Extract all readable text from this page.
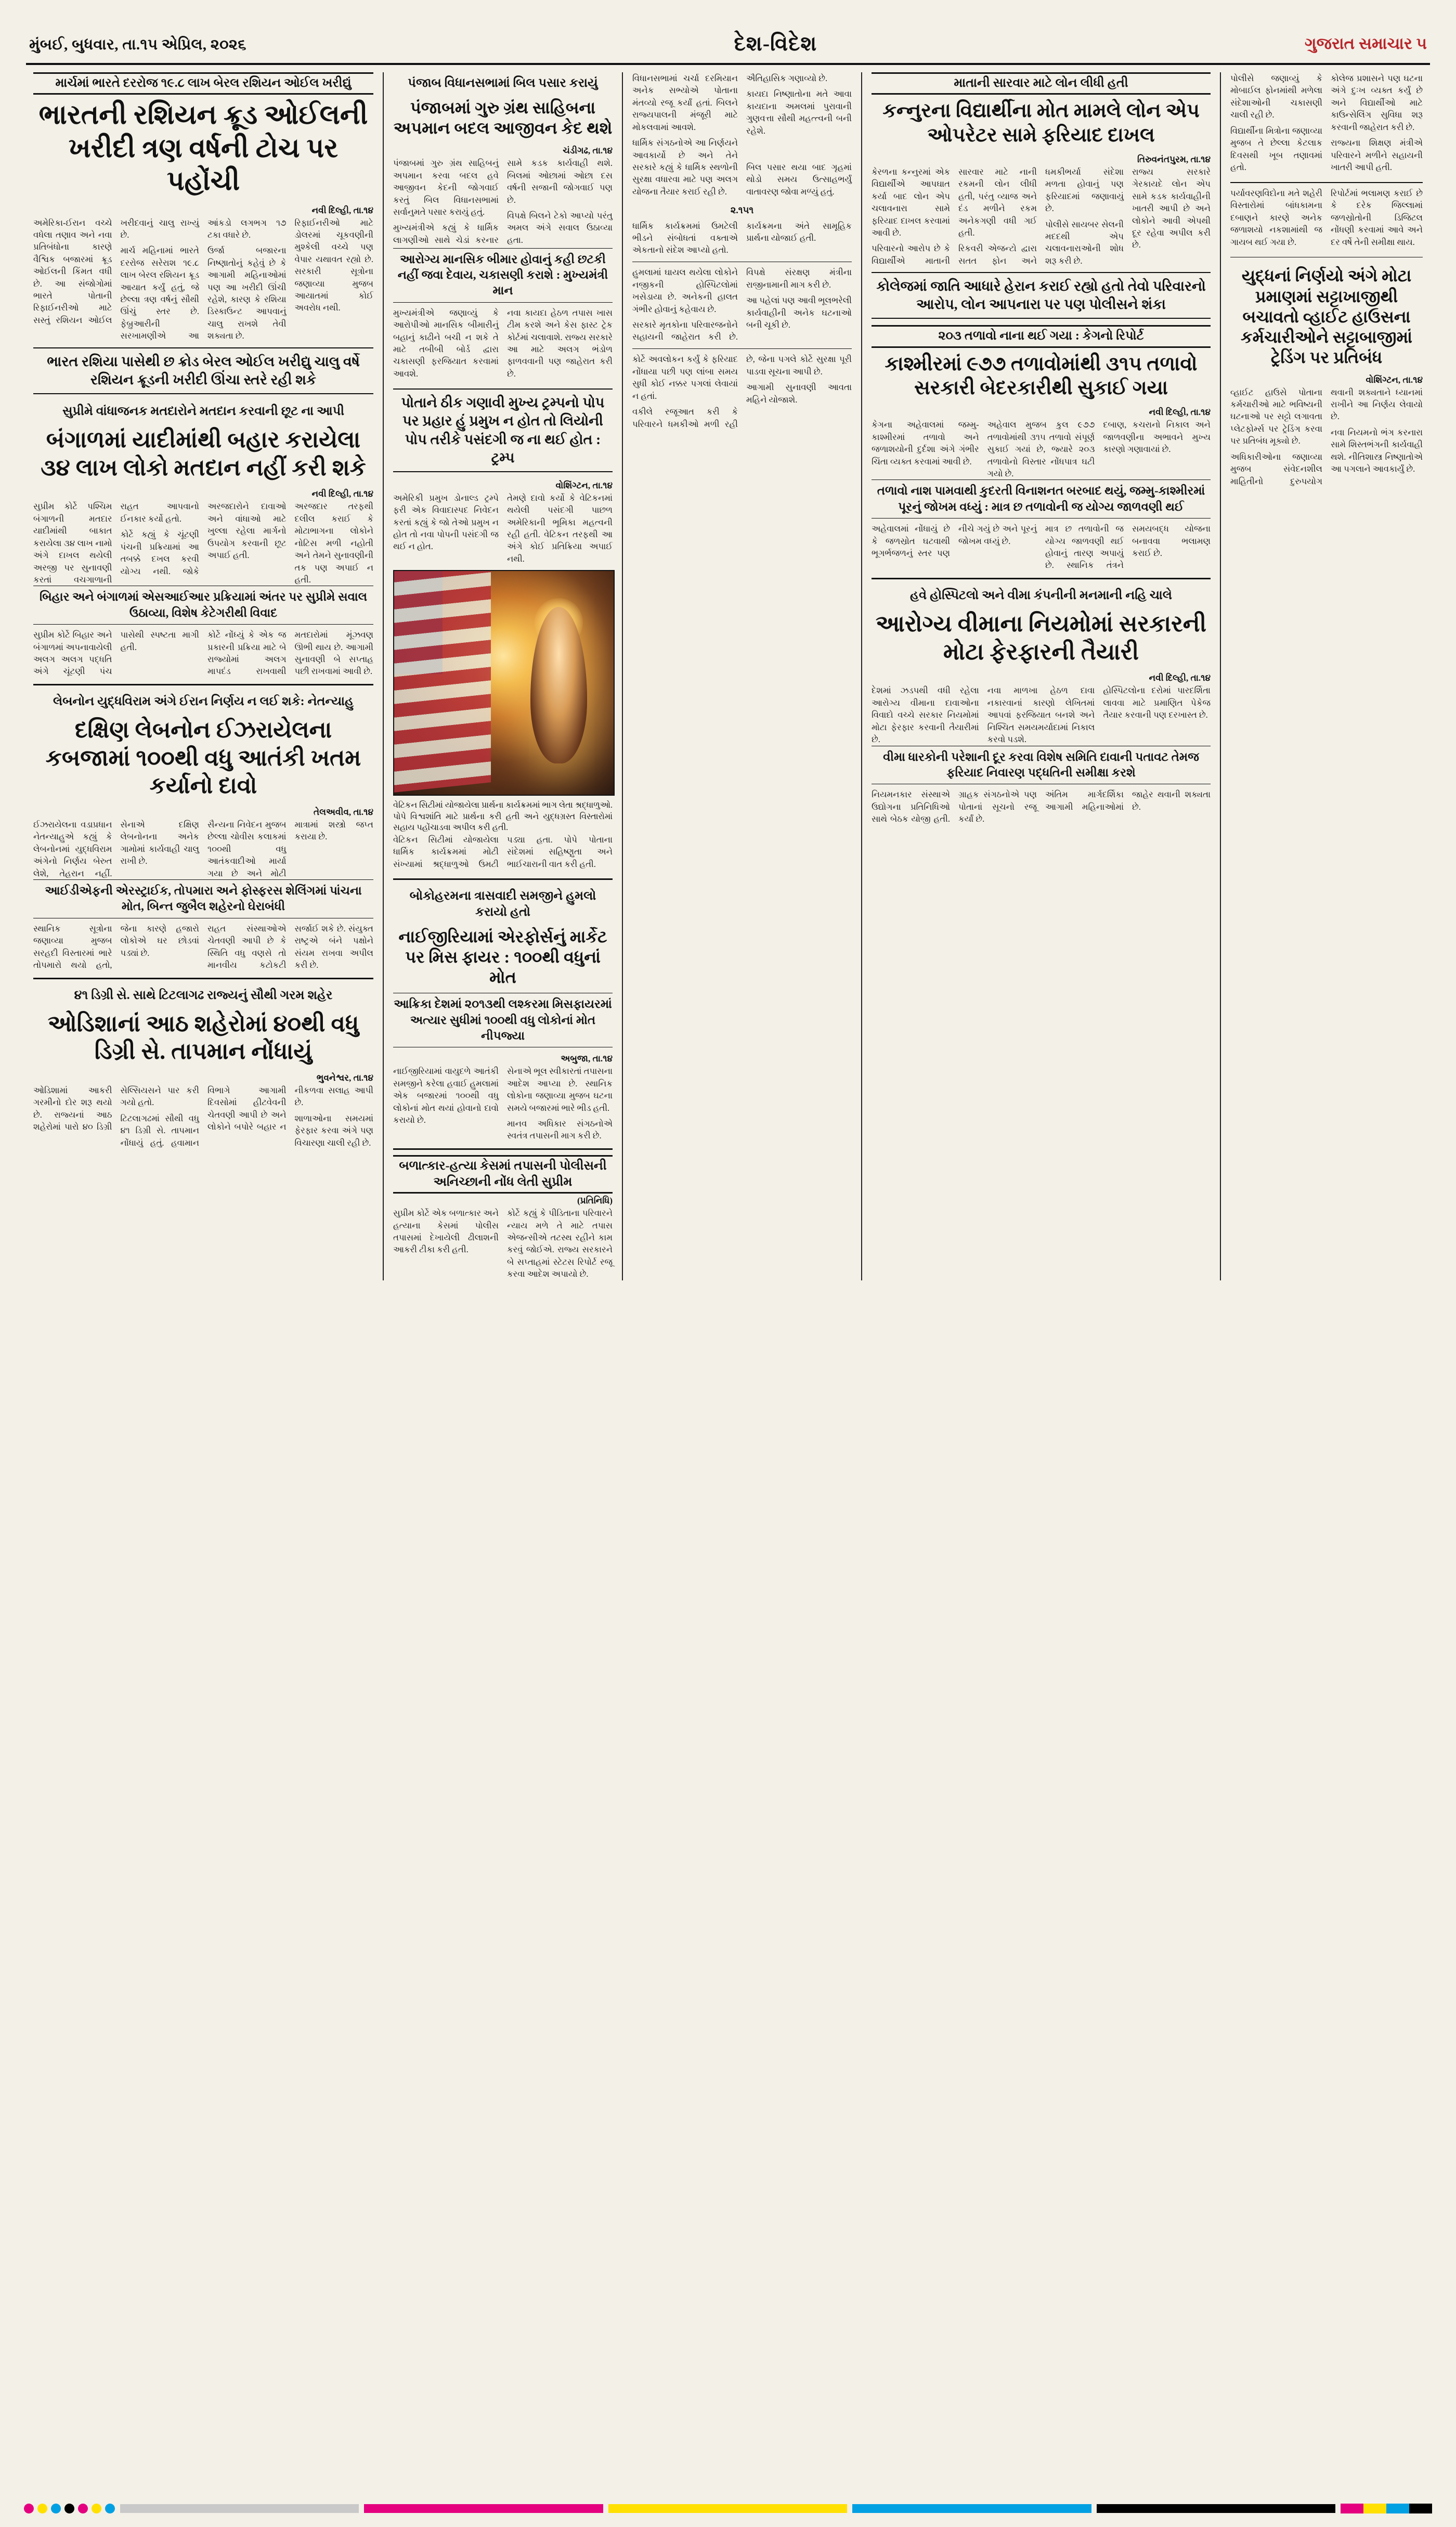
મુંબઈ, બુધવાર, તા.૧૫ એપ્રિલ, ૨૦૨૬	દેશ-વિદેશ	ગુજરાત સમાચાર ૫
માર્ચમાં ભારતે દરરોજ ૧૯.૮ લાખ બેરલ રશિયન ઓઈલ ખરીદ્યું
ભારતની રશિયન ક્રૂડ ઓઈલની ખરીદી ત્રણ વર્ષની ટોચ પર પહોંચી
નવી દિલ્હી, તા.૧૪

અમેરિકા-ઈરાન વચ્ચે વધેલા તણાવ અને નવા પ્રતિબંધોના કારણે વૈશ્વિક બજારમાં ક્રૂડ ઓઈલની કિંમત વધી છે. આ સંજોગોમાં ભારતે પોતાની રિફાઈનરીઓ માટે સસ્તું રશિયન ઓઈલ ખરીદવાનું ચાલુ રાખ્યું છે.

માર્ચ મહિનામાં ભારતે દરરોજ સરેરાશ ૧૯.૮ લાખ બેરલ રશિયન ક્રૂડ આયાત કર્યું હતું, જે છેલ્લા ત્રણ વર્ષનું સૌથી ઊંચું સ્તર છે. ફેબ્રુઆરીની સરખામણીએ આ આંકડો લગભગ ૧૭ ટકા વધારે છે.

ઉર્જા બજારના નિષ્ણાતોનું કહેવું છે કે આગામી મહિનાઓમાં પણ આ ખરીદી ઊંચી રહેશે, કારણ કે રશિયા ડિસ્કાઉન્ટ આપવાનું ચાલુ રાખશે તેવી શક્યતા છે.

રિફાઈનરીઓ માટે ડોલરમાં ચૂકવણીની મુશ્કેલી વચ્ચે પણ વેપાર યથાવત રહ્યો છે. સરકારી સૂત્રોના જણાવ્યા મુજબ આયાતમાં કોઈ અવરોધ નથી.

ભારત રશિયા પાસેથી છ ક્રોડ બેરલ ઓઈલ ખરીદ્યુ ચાલુ વર્ષે રશિયન ક્રૂડની ખરીદી ઊંચા સ્તરે રહી શકે
સુપ્રીમે વાંધાજનક મતદારોને મતદાન કરવાની છૂટ ના આપી
બંગાળમાં યાદીમાંથી બહાર કરાયેલા ૩૪ લાખ લોકો મતદાન નહીં કરી શકે
નવી દિલ્હી, તા.૧૪

સુપ્રીમ કોર્ટે પશ્ચિમ બંગાળની મતદાર યાદીમાંથી બાકાત કરાયેલા ૩૪ લાખ નામો અંગે દાખલ થયેલી અરજી પર સુનાવણી કરતાં વચગાળાની રાહત આપવાનો ઈનકાર કર્યો હતો.

કોર્ટે કહ્યું કે ચૂંટણી પંચની પ્રક્રિયામાં આ તબક્કે દખલ કરવી યોગ્ય નથી. જોકે અરજદારોને દાવાઓ અને વાંધાઓ માટે ખુલ્લા રહેલા માર્ગનો ઉપયોગ કરવાની છૂટ અપાઈ હતી.

અરજદાર તરફથી દલીલ કરાઈ કે મોટાભાગના લોકોને નોટિસ મળી નહોતી અને તેમને સુનાવણીની તક પણ અપાઈ ન હતી.

બિહાર અને બંગાળમાં એસઆઈઆર પ્રક્રિયામાં અંતર પર સુપ્રીમે સવાલ ઉઠાવ્યા, વિશેષ કેટેગરીથી વિવાદ

સુપ્રીમ કોર્ટે બિહાર અને બંગાળમાં અપનાવાયેલી અલગ અલગ પદ્ધતિ અંગે ચૂંટણી પંચ પાસેથી સ્પષ્ટતા માગી હતી.

કોર્ટે નોંધ્યું કે એક જ પ્રકારની પ્રક્રિયા માટે બે રાજ્યોમાં અલગ માપદંડ રાખવાથી મતદારોમાં મૂંઝવણ ઊભી થાય છે. આગામી સુનાવણી બે સપ્તાહ પછી રાખવામાં આવી છે.

લેબનોન યુદ્ધવિરામ અંગે ઈરાન નિર્ણય ન લઈ શકે: નેતન્યાહુ
દક્ષિણ લેબનોન ઈઝરાયેલના કબજામાં ૧૦૦થી વધુ આતંકી ખતમ કર્યાનો દાવો
તેલઅવીવ, તા.૧૪

ઈઝરાયેલના વડાપ્રધાન નેતન્યાહુએ કહ્યું કે લેબનોનમાં યુદ્ધવિરામ અંગેનો નિર્ણય બેરુત લેશે, તેહરાન નહીં. સેનાએ દક્ષિણ લેબનોનના અનેક ગામોમાં કાર્યવાહી ચાલુ રાખી છે.

સૈન્યના નિવેદન મુજબ છેલ્લા ચોવીસ કલાકમાં ૧૦૦થી વધુ આતંકવાદીઓ માર્યા ગયા છે અને મોટી માત્રામાં શસ્ત્રો જપ્ત કરાયા છે.

આઈડીએફની એરસ્ટ્રાઈક, તોપમારા અને ફોસ્ફરસ શેલિંગમાં પાંચના મોત, બિન્ત જુબૈલ શહેરનો ઘેરાબંધી

સ્થાનિક સૂત્રોના જણાવ્યા મુજબ સરહદી વિસ્તારમાં ભારે તોપમારો થયો હતો, જેના કારણે હજારો લોકોએ ઘર છોડવાં પડ્યાં છે.

રાહત સંસ્થાઓએ ચેતવણી આપી છે કે સ્થિતિ વધુ વણસે તો માનવીય કટોકટી સર્જાઈ શકે છે. સંયુક્ત રાષ્ટ્રએ બંને પક્ષોને સંયમ રાખવા અપીલ કરી છે.

૪૧ ડિગ્રી સે. સાથે ટિટલાગઢ રાજ્યનું સૌથી ગરમ શહેર
ઓડિશાનાં આઠ શહેરોમાં ૪૦થી વધુ ડિગ્રી સે. તાપમાન નોંધાયું
ભુવનેશ્વર, તા.૧૪

ઓડિશામાં આકરી ગરમીનો દોર શરૂ થયો છે. રાજ્યનાં આઠ શહેરોમાં પારો ૪૦ ડિગ્રી સેલ્સિયસને પાર કરી ગયો હતો.

ટિટલાગઢમાં સૌથી વધુ ૪૧ ડિગ્રી સે. તાપમાન નોંધાયું હતું. હવામાન વિભાગે આગામી દિવસોમાં હીટવેવની ચેતવણી આપી છે અને લોકોને બપોરે બહાર ન નીકળવા સલાહ આપી છે.

શાળાઓના સમયમાં ફેરફાર કરવા અંગે પણ વિચારણા ચાલી રહી છે.

પંજાબ વિધાનસભામાં બિલ પસાર કરાયું
પંજાબમાં ગુરુ ગ્રંથ સાહિબના અપમાન બદલ આજીવન કેદ થશે
ચંડીગઢ, તા.૧૪

પંજાબમાં ગુરુ ગ્રંથ સાહિબનું અપમાન કરવા બદલ હવે આજીવન કેદની જોગવાઈ કરતું બિલ વિધાનસભામાં સર્વાનુમતે પસાર કરાયું હતું.

મુખ્યમંત્રીએ કહ્યું કે ધાર્મિક લાગણીઓ સાથે ચેડાં કરનાર સામે કડક કાર્યવાહી થશે. બિલમાં ઓછામાં ઓછા દસ વર્ષની સજાની જોગવાઈ પણ છે.

વિપક્ષે બિલને ટેકો આપ્યો પરંતુ અમલ અંગે સવાલ ઉઠાવ્યા હતા.

આરોગ્ય માનસિક બીમાર હોવાનું કહી છટકી નહીં જવા દેવાય, ચકાસણી કરાશે : મુખ્યમંત્રી માન

મુખ્યમંત્રીએ જણાવ્યું કે આરોપીઓ માનસિક બીમારીનું બહાનું કાઢીને બચી ન શકે તે માટે તબીબી બોર્ડ દ્વારા ચકાસણી ફરજિયાત કરવામાં આવશે.

નવા કાયદા હેઠળ તપાસ ખાસ ટીમ કરશે અને કેસ ફાસ્ટ ટ્રેક કોર્ટમાં ચલાવાશે. રાજ્ય સરકારે આ માટે અલગ ભંડોળ ફાળવવાની પણ જાહેરાત કરી છે.

પોતાને ઠીક ગણાવી મુખ્ય ટ્રમ્પનો પોપ પર પ્રહાર હું પ્રમુખ ન હોત તો લિયોની પોપ તરીકે પસંદગી જ ના થઈ હોત : ટ્રમ્પ
વોશિંગ્ટન, તા.૧૪

અમેરિકી પ્રમુખ ડોનાલ્ડ ટ્રમ્પે ફરી એક વિવાદાસ્પદ નિવેદન કરતાં કહ્યું કે જો તેઓ પ્રમુખ ન હોત તો નવા પોપની પસંદગી જ થઈ ન હોત.

તેમણે દાવો કર્યો કે વેટિકનમાં થયેલી પસંદગી પાછળ અમેરિકાની ભૂમિકા મહત્વની રહી હતી. વેટિકન તરફથી આ અંગે કોઈ પ્રતિક્રિયા અપાઈ નથી.

વેટિકન સિટીમાં યોજાયેલા પ્રાર્થના કાર્યક્રમમાં ભાગ લેતા શ્રદ્ધાળુઓ. પોપે વિશ્વશાંતિ માટે પ્રાર્થના કરી હતી અને યુદ્ધગ્રસ્ત વિસ્તારોમાં સહાય પહોંચાડવા અપીલ કરી હતી.

વેટિકન સિટીમાં યોજાયેલા ધાર્મિક કાર્યક્રમમાં મોટી સંખ્યામાં શ્રદ્ધાળુઓ ઉમટી પડ્યા હતા. પોપે પોતાના સંદેશમાં સહિષ્ણુતા અને ભાઈચારાની વાત કરી હતી.

બોકોહરમના ત્રાસવાદી સમજીને હુમલો કરાયો હતો
નાઈજીરિયામાં એરફોર્સનું માર્કેટ પર મિસ ફાયર : ૧૦૦થી વધુનાં મોત
આક્રિકા દેશમાં ૨૦૧૩થી લશ્કરમા મિસફાયરમાં અત્યાર સુધીમાં ૧૦૦થી વધુ લોકોનાં મોત નીપજ્યા
અબુજા, તા.૧૪

નાઈજીરિયામાં વાયુદળે આતંકી સમજીને કરેલા હવાઈ હુમલામાં એક બજારમાં ૧૦૦થી વધુ લોકોનાં મોત થયાં હોવાનો દાવો કરાયો છે.

સેનાએ ભૂલ સ્વીકારતાં તપાસના આદેશ આપ્યા છે. સ્થાનિક લોકોના જણાવ્યા મુજબ ઘટના સમયે બજારમાં ભારે ભીડ હતી.

માનવ અધિકાર સંગઠનોએ સ્વતંત્ર તપાસની માગ કરી છે.

બળાત્કાર-હત્યા કેસમાં તપાસની પોલીસની અનિચ્છાની નોંધ લેતી સુપ્રીમ
(પ્રતિનિધિ)

સુપ્રીમ કોર્ટે એક બળાત્કાર અને હત્યાના કેસમાં પોલીસ તપાસમાં દેખાયેલી ઢીલાશની આકરી ટીકા કરી હતી.

કોર્ટે કહ્યું કે પીડિતાના પરિવારને ન્યાય મળે તે માટે તપાસ એજન્સીએ તટસ્થ રહીને કામ કરવું જોઈએ. રાજ્ય સરકારને બે સપ્તાહમાં સ્ટેટસ રિપોર્ટ રજૂ કરવા આદેશ અપાયો છે.

વિધાનસભામાં ચર્ચા દરમિયાન અનેક સભ્યોએ પોતાના મંતવ્યો રજૂ કર્યાં હતાં. બિલને રાજ્યપાલની મંજૂરી માટે મોકલવામાં આવશે.

ધાર્મિક સંગઠનોએ આ નિર્ણયને આવકાર્યો છે અને તેને ઐતિહાસિક ગણાવ્યો છે.

કાયદા નિષ્ણાતોના મતે આવા કાયદાના અમલમાં પુરાવાની ગુણવત્તા સૌથી મહત્ત્વની બની રહેશે.

સરકારે કહ્યું કે ધાર્મિક સ્થળોની સુરક્ષા વધારવા માટે પણ અલગ યોજના તૈયાર કરાઈ રહી છે.

બિલ પસાર થયા બાદ ગૃહમાં થોડો સમય ઉત્સાહભર્યું વાતાવરણ જોવા મળ્યું હતું.

૨.૧૫૧

ધાર્મિક કાર્યક્રમમાં ઉમટેલી ભીડને સંબોધતાં વક્તાએ એકતાનો સંદેશ આપ્યો હતો.

કાર્યક્રમના અંતે સામૂહિક પ્રાર્થના યોજાઈ હતી.

હુમલામાં ઘાયલ થયેલા લોકોને નજીકની હોસ્પિટલોમાં ખસેડાયા છે. અનેકની હાલત ગંભીર હોવાનું કહેવાય છે.

સરકારે મૃતકોના પરિવારજનોને સહાયની જાહેરાત કરી છે. વિપક્ષે સંરક્ષણ મંત્રીના રાજીનામાની માગ કરી છે.

આ પહેલાં પણ આવી ભૂલભરેલી કાર્યવાહીની અનેક ઘટનાઓ બની ચૂકી છે.

કોર્ટે અવલોકન કર્યું કે ફરિયાદ નોંધાયા પછી પણ લાંબા સમય સુધી કોઈ નક્કર પગલાં લેવાયાં ન હતાં.

વકીલે રજૂઆત કરી કે પરિવારને ધમકીઓ મળી રહી છે, જેના પગલે કોર્ટે સુરક્ષા પૂરી પાડવા સૂચના આપી છે.

આગામી સુનાવણી આવતા મહિને યોજાશે.

માતાની સારવાર માટે લોન લીધી હતી
કન્નુરના વિદ્યાર્થીના મોત મામલે લોન એપ ઓપરેટર સામે ફરિયાદ દાખલ
તિરુવનંતપુરમ, તા.૧૪

કેરળના કન્નુરમાં એક વિદ્યાર્થીએ આપઘાત કર્યા બાદ લોન એપ ચલાવનારા સામે ફરિયાદ દાખલ કરવામાં આવી છે.

પરિવારનો આરોપ છે કે વિદ્યાર્થીએ માતાની સારવાર માટે નાની રકમની લોન લીધી હતી, પરંતુ વ્યાજ અને દંડ મળીને રકમ અનેકગણી વધી ગઈ હતી.

રિકવરી એજન્ટો દ્વારા સતત ફોન અને ધમકીભર્યા સંદેશા મળતા હોવાનું પણ ફરિયાદમાં જણાવાયું છે.

પોલીસે સાયબર સેલની મદદથી એપ ચલાવનારાઓની શોધ શરૂ કરી છે.

રાજ્ય સરકારે ગેરકાયદે લોન એપ સામે કડક કાર્યવાહીની ખાતરી આપી છે અને લોકોને આવી એપથી દૂર રહેવા અપીલ કરી છે.

કોલેજમાં જાતિ આધારે હેરાન કરાઈ રહ્યો હતો તેવો પરિવારનો આરોપ, લોન આપનારા પર પણ પોલીસને શંકા
૨૦૩ તળાવો નાના થઈ ગયા : કેગનો રિપોર્ટ
કાશ્મીરમાં ૯૭૭ તળાવોમાંથી ૩૧૫ તળાવો સરકારી બેદરકારીથી સુકાઈ ગયા
નવી દિલ્હી, તા.૧૪

કેગના અહેવાલમાં જમ્મુ-કાશ્મીરમાં તળાવો અને જળાશયોની દુર્દશા અંગે ગંભીર ચિંતા વ્યક્ત કરવામાં આવી છે.

અહેવાલ મુજબ કુલ ૯૭૭ તળાવોમાંથી ૩૧૫ તળાવો સંપૂર્ણ સુકાઈ ગયાં છે, જ્યારે ૨૦૩ તળાવોનો વિસ્તાર નોંધપાત્ર ઘટી ગયો છે.

દબાણ, કચરાનો નિકાલ અને જાળવણીના અભાવને મુખ્ય કારણો ગણાવાયાં છે.

તળાવો નાશ પામવાથી કુદરતી વિનાશનત બરબાદ થયું, જમ્મુ-કાશ્મીરમાં પૂરનું જોખમ વધ્યું : માત્ર છ તળાવોની જ યોગ્ય જાળવણી થઈ

અહેવાલમાં નોંધાયું છે કે જળસ્રોત ઘટવાથી ભૂગર્ભજળનું સ્તર પણ નીચે ગયું છે અને પૂરનું જોખમ વધ્યું છે.

માત્ર છ તળાવોની જ યોગ્ય જાળવણી થઈ હોવાનું તારણ અપાયું છે. સ્થાનિક તંત્રને સમયબદ્ધ યોજના બનાવવા ભલામણ કરાઈ છે.

હવે હોસ્પિટલો અને વીમા કંપનીની મનમાની નહિ ચાલે
આરોગ્ય વીમાના નિયમોમાં સરકારની મોટા ફેરફારની તૈયારી
નવી દિલ્હી, તા.૧૪

દેશમાં ઝડપથી વધી રહેલા આરોગ્ય વીમાના દાવાઓના વિવાદો વચ્ચે સરકાર નિયમોમાં મોટા ફેરફાર કરવાની તૈયારીમાં છે.

નવા માળખા હેઠળ દાવા નકારવાનાં કારણો લેખિતમાં આપવાં ફરજિયાત બનશે અને નિશ્ચિત સમયમર્યાદામાં નિકાલ કરવો પડશે.

હોસ્પિટલોના દરોમાં પારદર્શિતા લાવવા માટે પ્રમાણિત પેકેજ તૈયાર કરવાની પણ દરખાસ્ત છે.

વીમા ધારકોની પરેશાની દૂર કરવા વિશેષ સમિતિ દાવાની પતાવટ તેમજ ફરિયાદ નિવારણ પદ્ધતિની સમીક્ષા કરશે

નિયમનકાર સંસ્થાએ ઉદ્યોગના પ્રતિનિધિઓ સાથે બેઠક યોજી હતી. ગ્રાહક સંગઠનોએ પણ પોતાનાં સૂચનો રજૂ કર્યાં છે.

અંતિમ માર્ગદર્શિકા આગામી મહિનાઓમાં જાહેર થવાની શક્યતા છે.

પોલીસે જણાવ્યું કે મોબાઈલ ફોનમાંથી મળેલા સંદેશાઓની ચકાસણી ચાલી રહી છે.

વિદ્યાર્થીના મિત્રોના જણાવ્યા મુજબ તે છેલ્લા કેટલાક દિવસથી ખૂબ તણાવમાં હતો.

કોલેજ પ્રશાસને પણ ઘટના અંગે દુઃખ વ્યક્ત કર્યું છે અને વિદ્યાર્થીઓ માટે કાઉન્સેલિંગ સુવિધા શરૂ કરવાની જાહેરાત કરી છે.

રાજ્યના શિક્ષણ મંત્રીએ પરિવારને મળીને સહાયની ખાતરી આપી હતી.

પર્યાવરણવિદોના મતે શહેરી વિસ્તારોમાં બાંધકામના દબાણને કારણે અનેક જળાશયો નકશામાંથી જ ગાયબ થઈ ગયા છે.

રિપોર્ટમાં ભલામણ કરાઈ છે કે દરેક જિલ્લામાં જળસ્રોતોની ડિજિટલ નોંધણી કરવામાં આવે અને દર વર્ષે તેની સમીક્ષા થાય.

યુદ્ધનાં નિર્ણયો અંગે મોટા પ્રમાણમાં સટ્ટાખાજીથી બચાવતો વ્હાઈટ હાઉસના કર્મચારીઓને સટ્ટાબાજીમાં ટ્રેડિંગ પર પ્રતિબંધ
વોશિંગ્ટન, તા.૧૪

વ્હાઈટ હાઉસે પોતાના કર્મચારીઓ માટે ભવિષ્યની ઘટનાઓ પર સટ્ટો લગાવતા પ્લેટફોર્મ્સ પર ટ્રેડિંગ કરવા પર પ્રતિબંધ મૂક્યો છે.

અધિકારીઓના જણાવ્યા મુજબ સંવેદનશીલ માહિતીનો દુરુપયોગ થવાની શક્યતાને ધ્યાનમાં રાખીને આ નિર્ણય લેવાયો છે.

નવા નિયમનો ભંગ કરનારા સામે શિસ્તભંગની કાર્યવાહી થશે. નીતિશાસ્ત્ર નિષ્ણાતોએ આ પગલાને આવકાર્યું છે.
